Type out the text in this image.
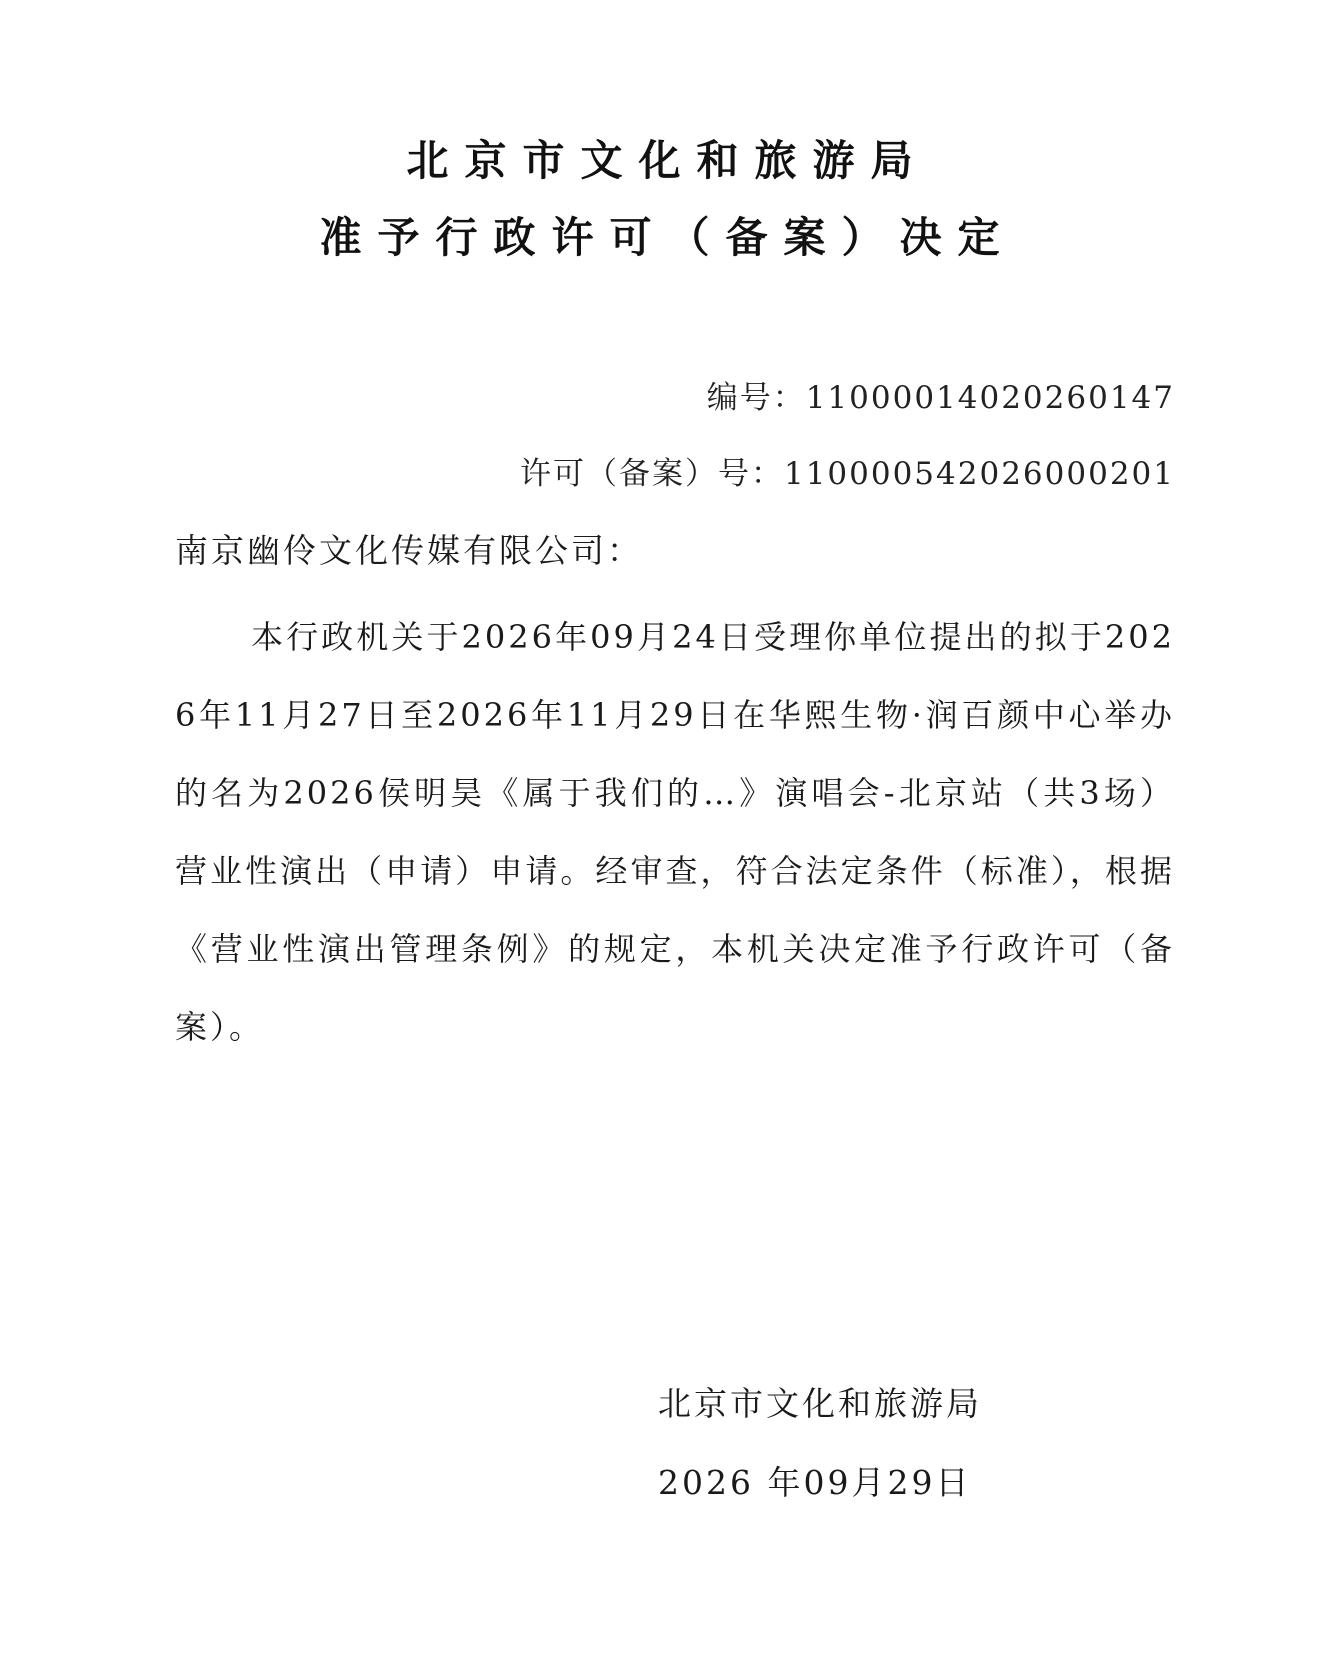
北京市文化和旅游局
准予行政许可（备案）决定
编号：11000014020260147
许可（备案）号：110000542026000201
南京幽伶文化传媒有限公司：
本行政机关于2026年09月24日受理你单位提出的拟于2026年11月27日至2026年11月29日在华熙生物·润百颜中心举办的名为2026侯明昊《属于我们的…》演唱会-北京站（共3场）营业性演出（申请）申请。经审查，符合法定条件（标准），根据《营业性演出管理条例》的规定，本机关决定准予行政许可（备案）。
北京市文化和旅游局
2026 年09月29日
